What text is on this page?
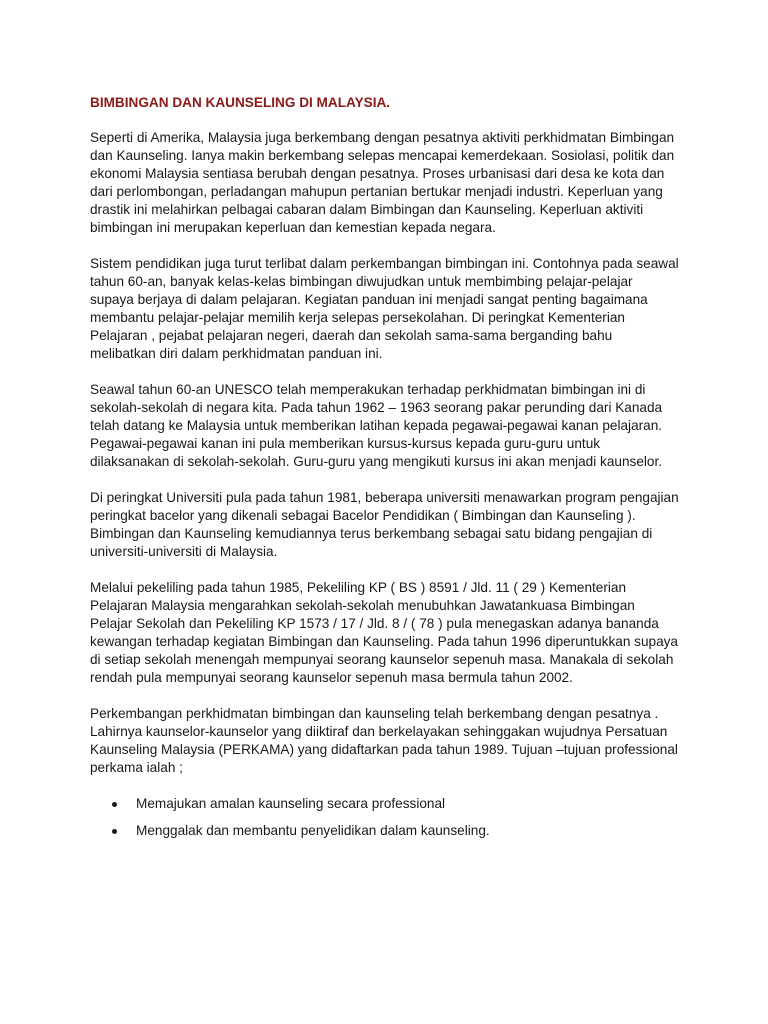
BIMBINGAN DAN KAUNSELING DI MALAYSIA.
Seperti di Amerika, Malaysia juga berkembang dengan pesatnya aktiviti perkhidmatan Bimbingan dan Kaunseling. Ianya makin berkembang selepas mencapai kemerdekaan. Sosiolasi, politik dan ekonomi Malaysia sentiasa berubah dengan pesatnya. Proses urbanisasi dari desa ke kota dan dari perlombongan, perladangan mahupun pertanian bertukar menjadi industri. Keperluan yang drastik ini melahirkan pelbagai cabaran dalam Bimbingan dan Kaunseling. Keperluan aktiviti bimbingan ini merupakan keperluan dan kemestian kepada negara.
Sistem pendidikan juga turut terlibat dalam perkembangan bimbingan ini. Contohnya pada seawal tahun 60-an, banyak kelas-kelas bimbingan diwujudkan untuk membimbing pelajar-pelajar supaya berjaya di dalam pelajaran. Kegiatan panduan ini menjadi sangat penting bagaimana membantu pelajar-pelajar memilih kerja selepas persekolahan. Di peringkat Kementerian Pelajaran , pejabat pelajaran negeri, daerah dan sekolah sama-sama berganding bahu melibatkan diri dalam perkhidmatan panduan ini.
Seawal tahun 60-an UNESCO telah memperakukan terhadap perkhidmatan bimbingan ini di sekolah-sekolah di negara kita. Pada tahun 1962 – 1963 seorang pakar perunding dari Kanada telah datang ke Malaysia untuk memberikan latihan kepada pegawai-pegawai kanan pelajaran. Pegawai-pegawai kanan ini pula memberikan kursus-kursus kepada guru-guru untuk dilaksanakan di sekolah-sekolah. Guru-guru yang mengikuti kursus ini akan menjadi kaunselor.
Di peringkat Universiti pula pada tahun 1981, beberapa universiti menawarkan program pengajian peringkat bacelor yang dikenali sebagai Bacelor Pendidikan ( Bimbingan dan Kaunseling ). Bimbingan dan Kaunseling kemudiannya terus berkembang sebagai satu bidang pengajian di universiti-universiti di Malaysia.
Melalui pekeliling pada tahun 1985, Pekeliling KP ( BS ) 8591 / Jld. 11 ( 29 ) Kementerian Pelajaran Malaysia mengarahkan sekolah-sekolah menubuhkan Jawatankuasa Bimbingan Pelajar Sekolah dan Pekeliling KP 1573 / 17 / Jld. 8 / ( 78 ) pula menegaskan adanya bananda kewangan terhadap kegiatan Bimbingan dan Kaunseling. Pada tahun 1996 diperuntukkan supaya di setiap sekolah menengah mempunyai seorang kaunselor sepenuh masa. Manakala di sekolah rendah pula mempunyai seorang kaunselor sepenuh masa bermula tahun 2002.
Perkembangan perkhidmatan bimbingan dan kaunseling telah berkembang dengan pesatnya . Lahirnya kaunselor-kaunselor yang diiktiraf dan berkelayakan sehinggakan wujudnya Persatuan Kaunseling Malaysia (PERKAMA) yang didaftarkan pada tahun 1989. Tujuan –tujuan professional perkama ialah ;
Memajukan amalan kaunseling secara professional
Menggalak dan membantu penyelidikan dalam kaunseling.
